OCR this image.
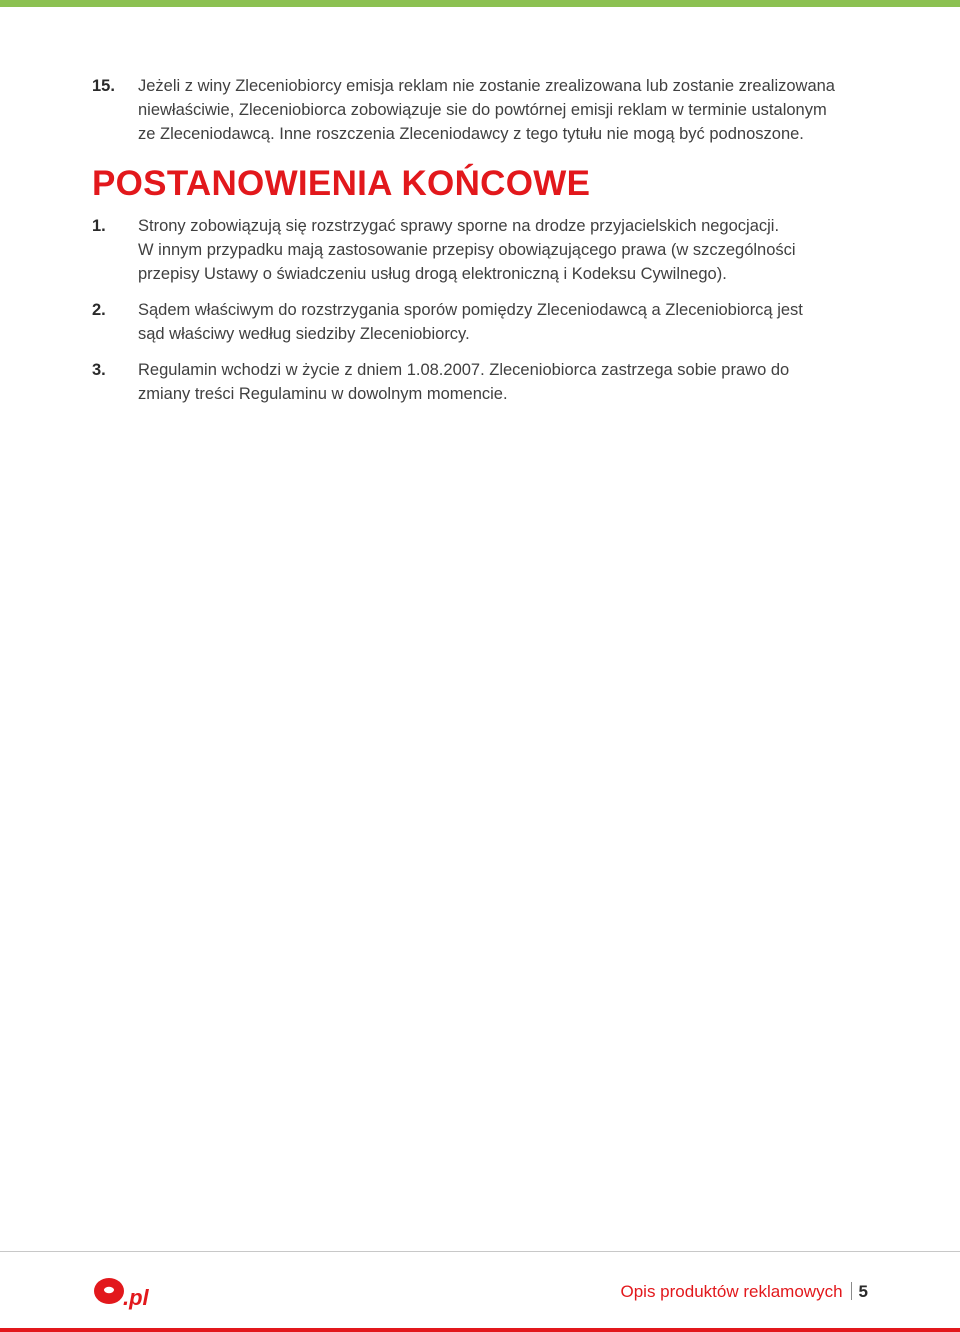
15. Jeżeli z winy Zleceniobiorcy emisja reklam nie zostanie zrealizowana lub zostanie zrealizowana
niewłaściwie, Zleceniobiorca zobowiązuje sie do powtórnej emisji reklam w terminie ustalonym
ze Zleceniodawcą. Inne roszczenia Zleceniodawcy z tego tytułu nie mogą być podnoszone.
POSTANOWIENIA KOŃCOWE
1. Strony zobowiązują się rozstrzygać sprawy sporne na drodze przyjacielskich negocjacji.
W innym przypadku mają zastosowanie przepisy obowiązującego prawa (w szczególności
przepisy Ustawy o świadczeniu usług drogą elektroniczną i Kodeksu Cywilnego).
2. Sądem właściwym do rozstrzygania sporów pomiędzy Zleceniodawcą a Zleceniobiorcą jest
sąd właściwy według siedziby Zleceniobiorcy.
3. Regulamin wchodzi w życie z dniem 1.08.2007. Zleceniobiorca zastrzega sobie prawo do
zmiany treści Regulaminu w dowolnym momencie.
.pl	Opis produktów reklamowych 5
